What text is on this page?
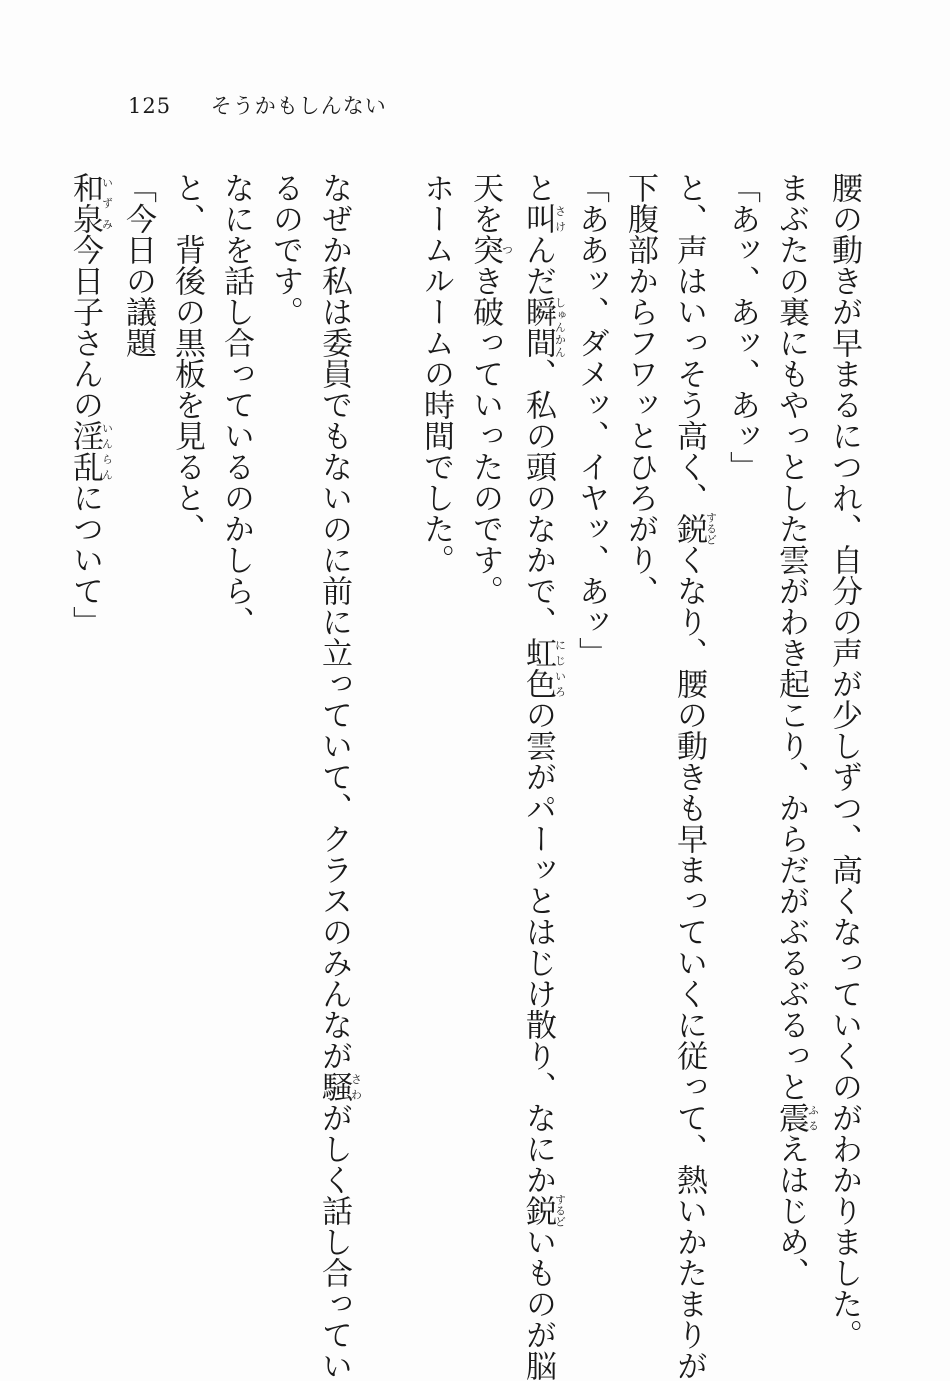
125 そうかもしんない
腰の動きが早まるにつれ、自分の声が少しずつ、高くなっていくのがわかりました。
まぶたの裏にもやっとした雲がわき起こり、からだがぶるぶるっと震ふるえはじめ、
「あッ、あッ、あッ」
と、声はいっそう高く、鋭するどくなり、腰の動きも早まっていくに従って、熱いかたまりが
下腹部からフワッとひろがり、
「ああッ、ダメッ、イヤッ、あッ」
と叫さけんだ瞬間しゅんかん、私の頭のなかで、虹色にじいろの雲がパーッとはじけ散り、なにか鋭するどいものが脳
天を突つき破っていったのです。
ホームルームの時間でした。
なぜか私は委員でもないのに前に立っていて、クラスのみんなが騒さわがしく話し合ってい
るのです。
なにを話し合っているのかしら、
と、背後の黒板を見ると、
「今日の議題
和泉いずみ今日子さんの淫乱いんらんについて」
